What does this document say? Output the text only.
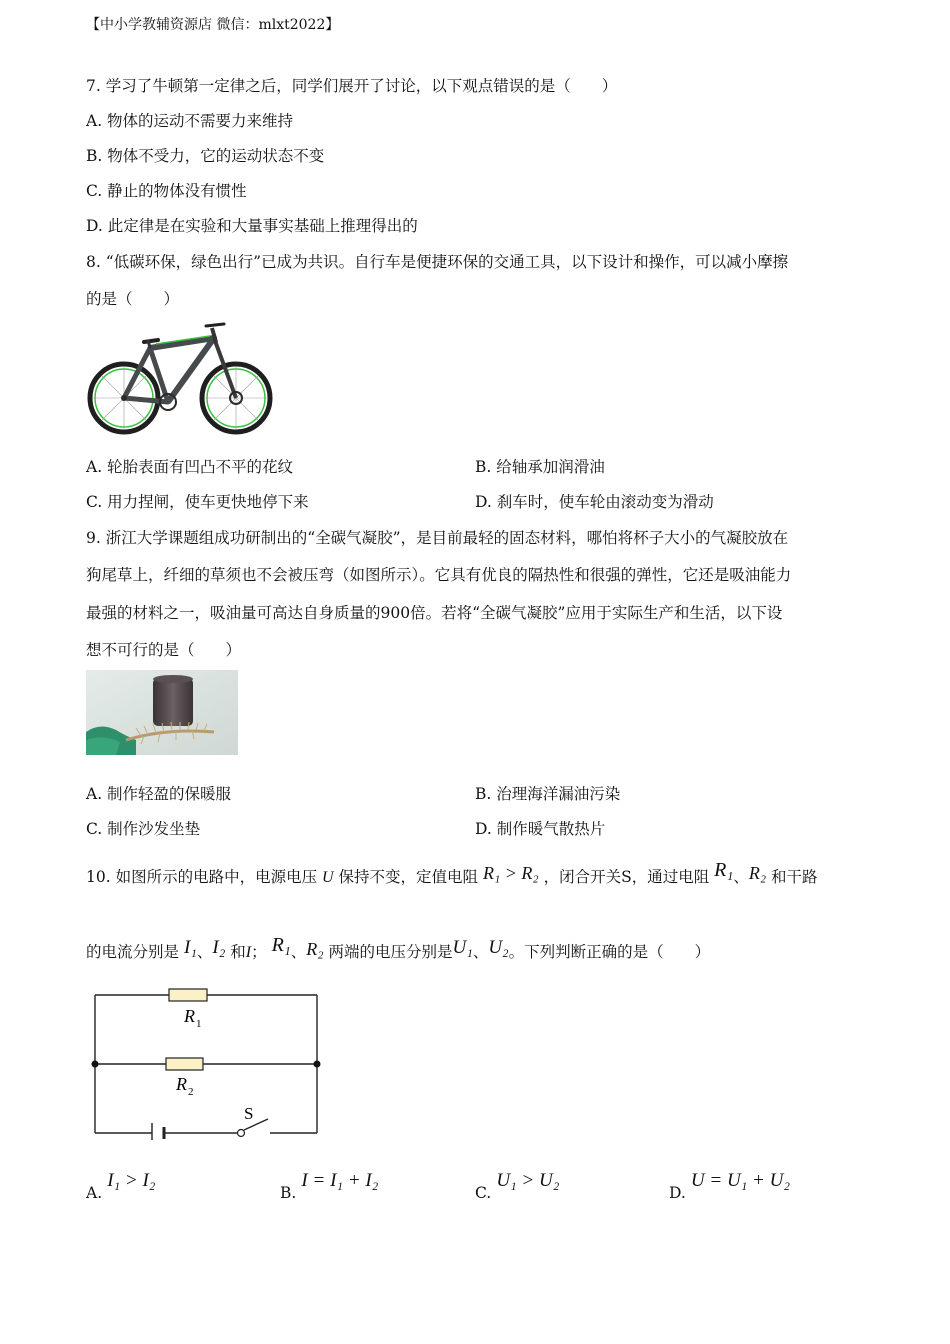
【中小学教辅资源店 微信：mlxt2022】
7. 学习了牛顿第一定律之后，同学们展开了讨论，以下观点错误的是（　　）
A. 物体的运动不需要力来维持
B. 物体不受力，它的运动状态不变
C. 静止的物体没有惯性
D. 此定律是在实验和大量事实基础上推理得出的
8. “低碳环保，绿色出行”已成为共识。自行车是便捷环保的交通工具，以下设计和操作，可以减小摩擦
的是（　　）
A. 轮胎表面有凹凸不平的花纹	B. 给轴承加润滑油
C. 用力捏闸，使车更快地停下来	D. 刹车时，使车轮由滚动变为滑动
9. 浙江大学课题组成功研制出的“全碳气凝胶”，是目前最轻的固态材料，哪怕将杯子大小的气凝胶放在
狗尾草上，纤细的草须也不会被压弯（如图所示）。它具有优良的隔热性和很强的弹性，它还是吸油能力
最强的材料之一，吸油量可高达自身质量的900倍。若将“全碳气凝胶”应用于实际生产和生活，以下设
想不可行的是（　　）
A. 制作轻盈的保暖服	B. 治理海洋漏油污染
C. 制作沙发坐垫	D. 制作暖气散热片
10. 如图所示的电路中，电源电压 U 保持不变，定值电阻 R₁ > R₂ ，闭合开关S，通过电阻 R₁、R₂ 和干路
的电流分别是 I₁、I₂ 和I； R₁、R₂ 两端的电压分别是U₁、U₂。下列判断正确的是（　　）
R 1
R 2
S
A. I₁ > I₂
B. I = I₁ + I₂
C. U₁ > U₂
D. U = U₁ + U₂
